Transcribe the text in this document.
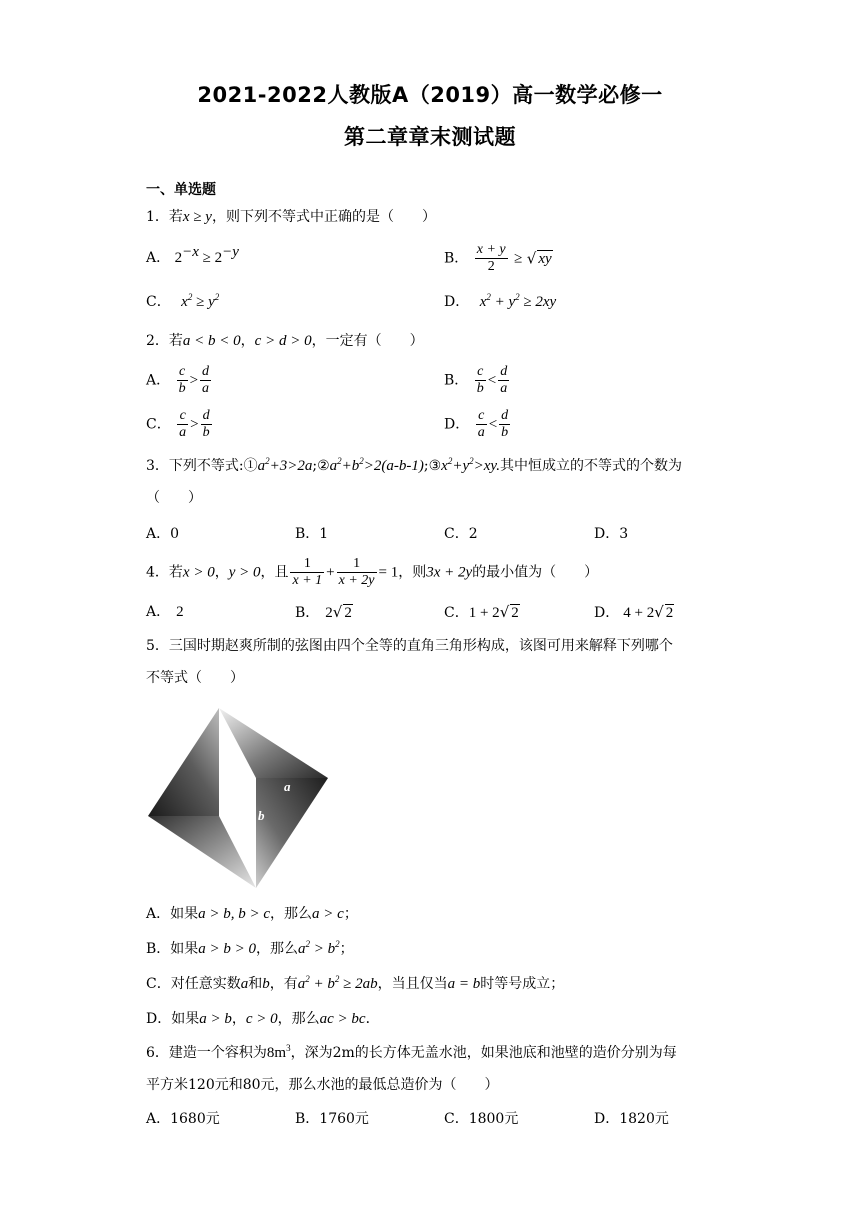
2021-2022人教版A（2019）高一数学必修一
第二章章末测试题
一、单选题
1．若x ≥ y，则下列不等式中正确的是（　　）
A． $2^{-x} \ge 2^{-y}$	B． $\frac{x + y}{2}$ ≥ √ xy
C． $x^2 \ge y^2$	D． $x^2 + y^2 \ge 2xy$
2．若a < b < 0，c > d > 0，一定有（　　）
A． $\frac{c}{b} > \frac{d}{a}$	B． $\frac{c}{b} < \frac{d}{a}$
C． $\frac{c}{a} > \frac{d}{b}$	D． $\frac{c}{a} < \frac{d}{b}$
3．下列不等式$:①a^2+3>2a;②a^2+b^2>2(a-b-1);③x^2+y^2>xy$.其中恒成立的不等式的个数为
（　　）
A．0	B．1	C．2	D．3
4．若x > 0，y > 0，且 $\frac{1}{x + 1} + \frac{1}{x + 2y} = 1$，则3x + 2y的最小值为（　　）
A． 2	B． 2√ 2	C．1 + 2√ 2	D． 4 + 2√ 2
5．三国时期赵爽所制的弦图由四个全等的直角三角形构成，该图可用来解释下列哪个
不等式（　　）
a
b
A．如果a > b, b > c，那么a > c；
B．如果a > b > 0，那么$a^2 > b^2$；
C．对任意实数a和b，有$a^2 + b^2 \ge 2ab$，当且仅当a = b时等号成立；
D．如果a > b，c > 0，那么ac > bc．
6．建造一个容积为$8m^3$，深为2m的长方体无盖水池，如果池底和池壁的造价分别为每
平方米120元和80元，那么水池的最低总造价为（　　）
A．1680元	B．1760元	C．1800元	D．1820元
